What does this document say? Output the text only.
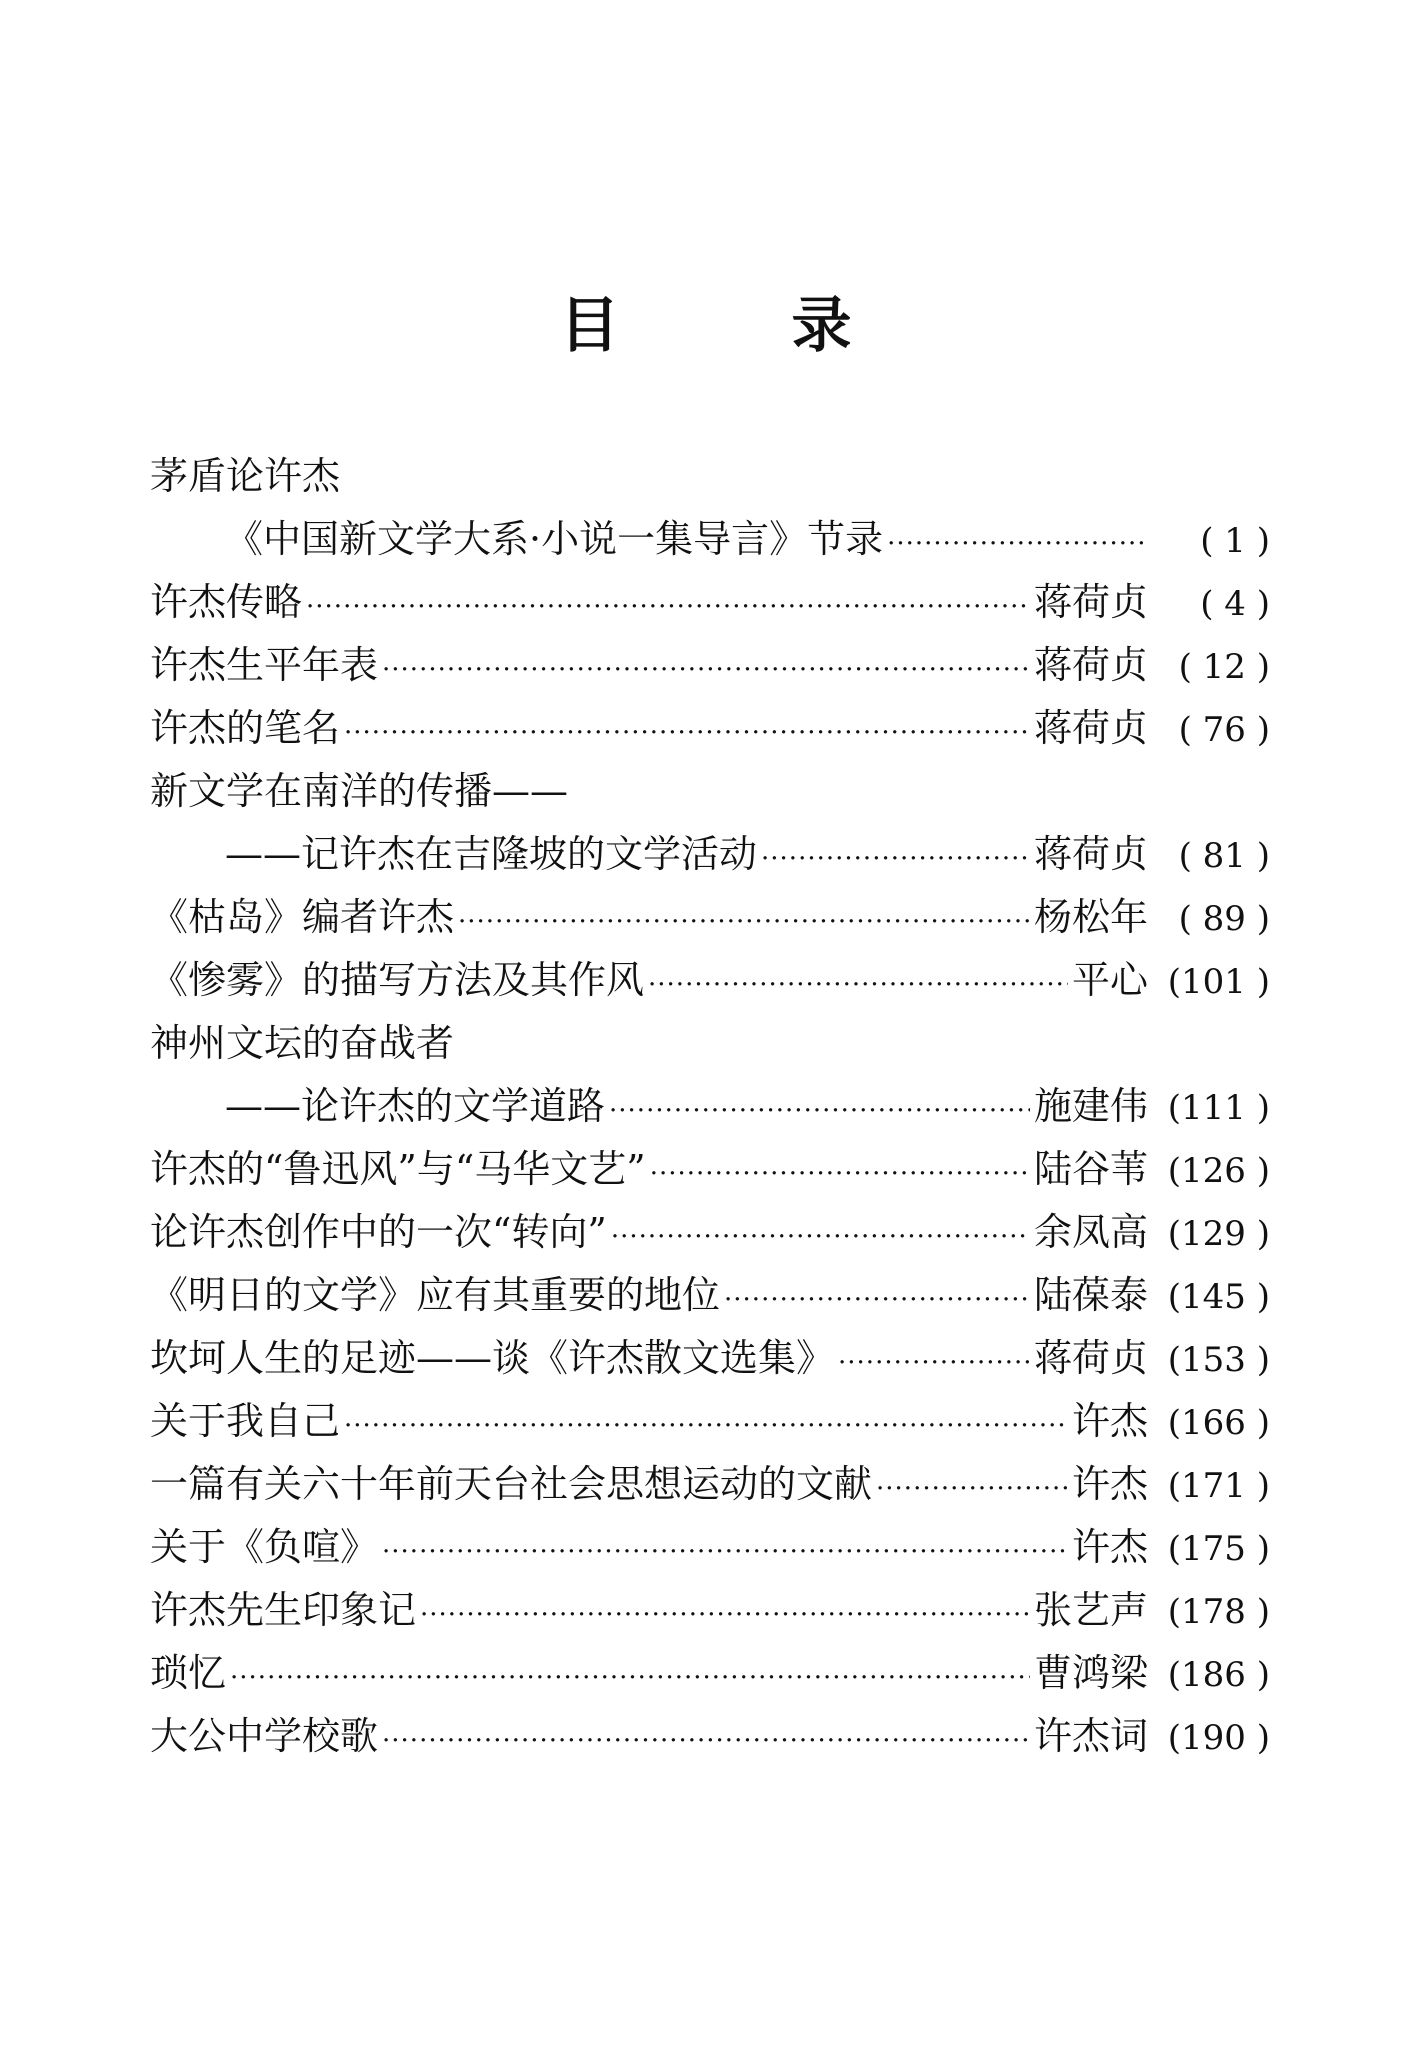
目	录
茅盾论许杰
《中国新文学大系·小说一集导言》节录 ·····	( 1 )
许杰传略 ·····	蒋荷贞	( 4 )
许杰生平年表 ·····	蒋荷贞 ( 12 )
许杰的笔名 ·····	蒋荷贞 ( 76 )
新文学在南洋的传播——
——记许杰在吉隆坡的文学活动 ·····	蒋荷贞 ( 81 )
《枯岛》编者许杰 ·····	杨松年 ( 89 )
《惨雾》的描写方法及其作风 ·····	平心 (101 )
神州文坛的奋战者
——论许杰的文学道路 ·····	施建伟 (111 )
许杰的“鲁迅风”与“马华文艺” ·····	陆谷苇 (126 )
论许杰创作中的一次“转向” ·····	余凤高 (129 )
《明日的文学》应有其重要的地位 ·····	陆葆泰 (145 )
坎坷人生的足迹——谈《许杰散文选集》 ·····	蒋荷贞 (153 )
关于我自己 ·····	许杰 (166 )
一篇有关六十年前天台社会思想运动的文献 ·····	许杰 (171 )
关于《负喧》 ·····	许杰 (175 )
许杰先生印象记 ·····	张艺声 (178 )
琐忆 ·····	曹鸿梁 (186 )
大公中学校歌 ·····	许杰词 (190 )
